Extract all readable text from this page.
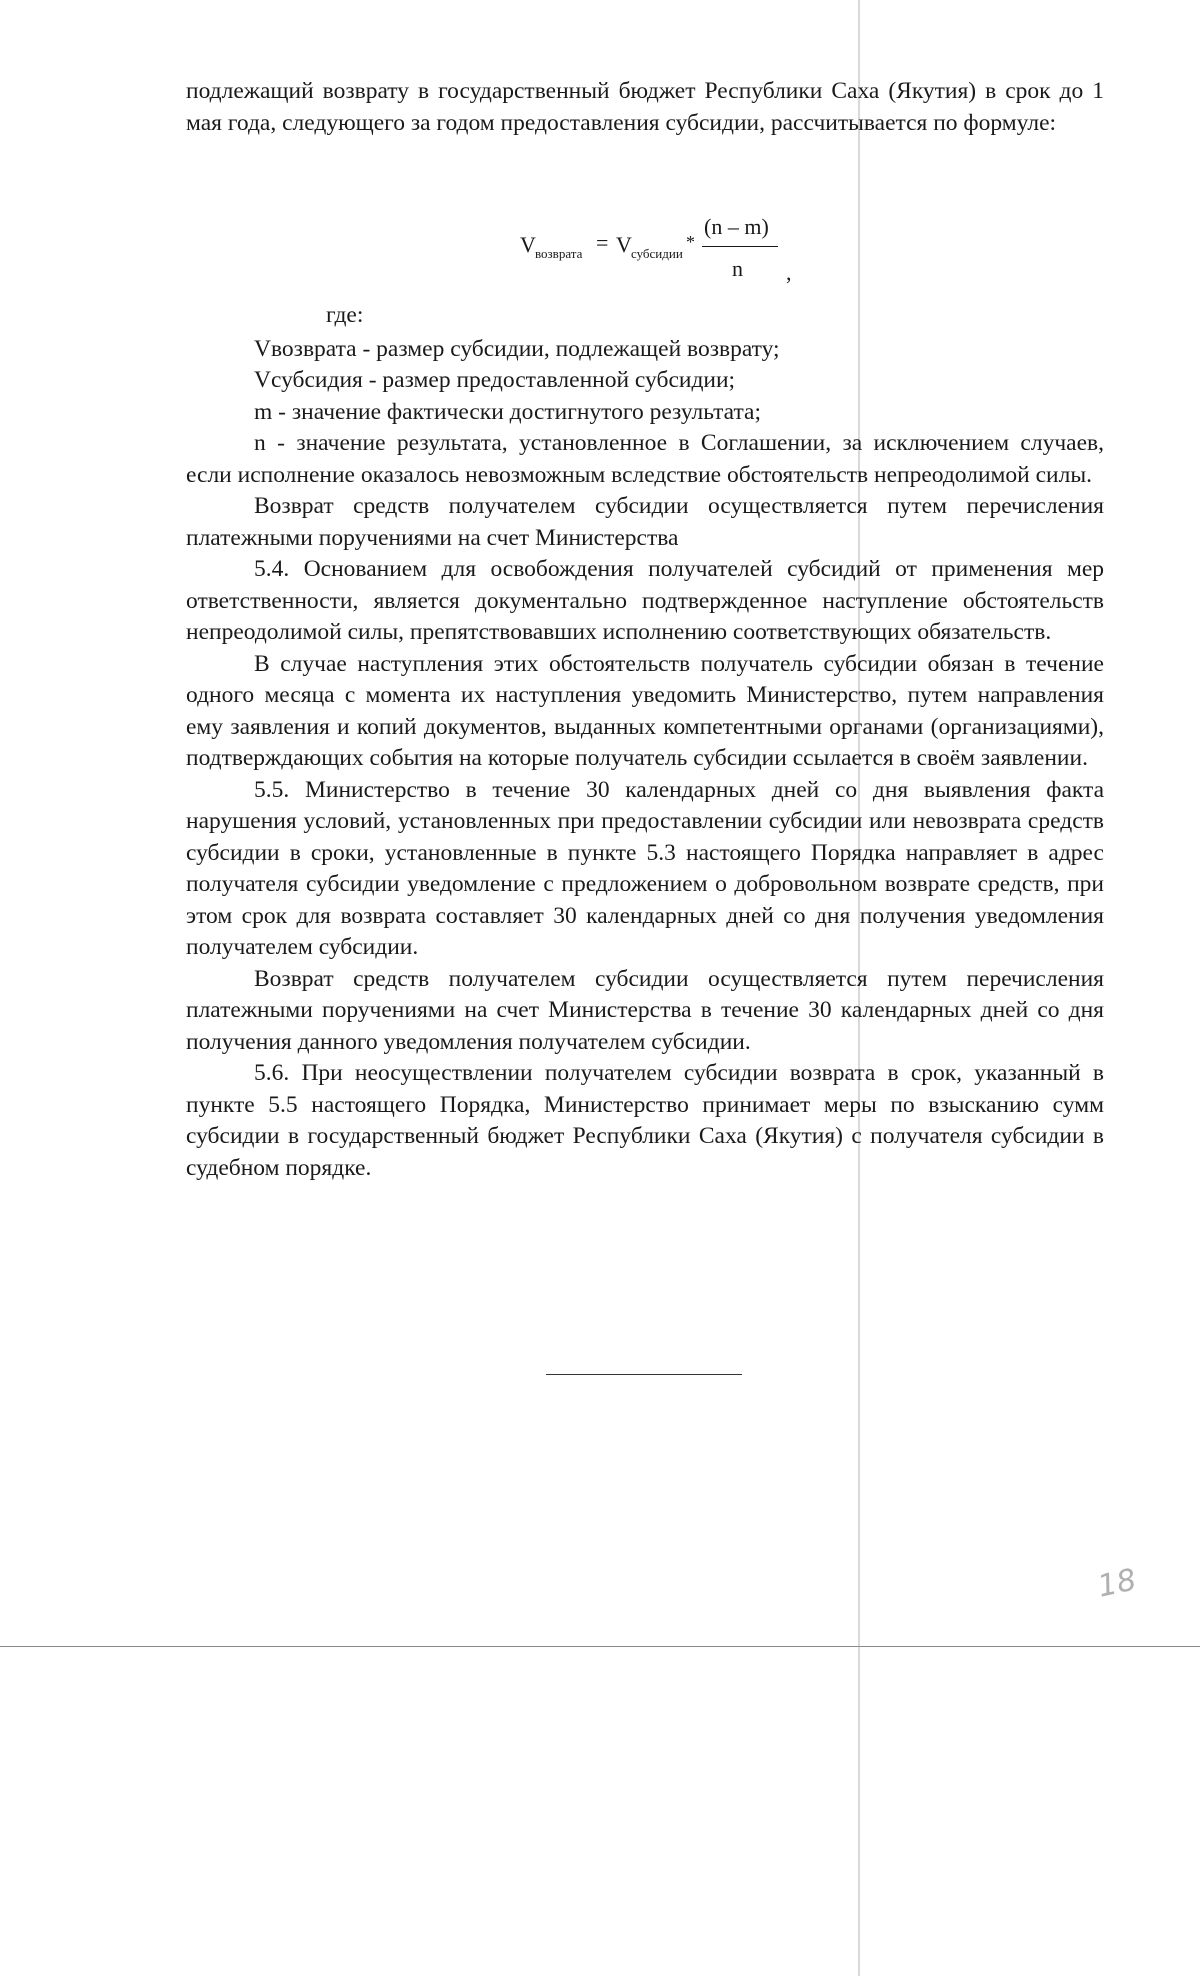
подлежащий возврату в государственный бюджет Республики Саха (Якутия) в срок до 1 мая года, следующего за годом предоставления субсидии, рассчитывается по формуле:

V возврата = V субсидии
*
(n – m)
n ,

где:

Vвозврата - размер субсидии, подлежащей возврату;

Vсубсидия - размер предоставленной субсидии;

m - значение фактически достигнутого результата;

n - значение результата, установленное в Соглашении, за исключением случаев, если исполнение оказалось невозможным вследствие обстоятельств непреодолимой силы.

Возврат средств получателем субсидии осуществляется путем перечисления платежными поручениями на счет Министерства

5.4. Основанием для освобождения получателей субсидий от применения мер ответственности, является документально подтвержденное наступление обстоятельств непреодолимой силы, препятствовавших исполнению соответствующих обязательств.

В случае наступления этих обстоятельств получатель субсидии обязан в течение одного месяца с момента их наступления уведомить Министерство, путем направления ему заявления и копий документов, выданных компетентными органами (организациями), подтверждающих события на которые получатель субсидии ссылается в своём заявлении.

5.5. Министерство в течение 30 календарных дней со дня выявления факта нарушения условий, установленных при предоставлении субсидии или невозврата средств субсидии в сроки, установленные в пункте 5.3 настоящего Порядка направляет в адрес получателя субсидии уведомление с предложением о добровольном возврате средств, при этом срок для возврата составляет 30 календарных дней со дня получения уведомления получателем субсидии.

Возврат средств получателем субсидии осуществляется путем перечисления платежными поручениями на счет Министерства в течение 30 календарных дней со дня получения данного уведомления получателем субсидии.

5.6. При неосуществлении получателем субсидии возврата в срок, указанный в пункте 5.5 настоящего Порядка, Министерство принимает меры по взысканию сумм субсидии в государственный бюджет Республики Саха (Якутия) с получателя субсидии в судебном порядке.

18
